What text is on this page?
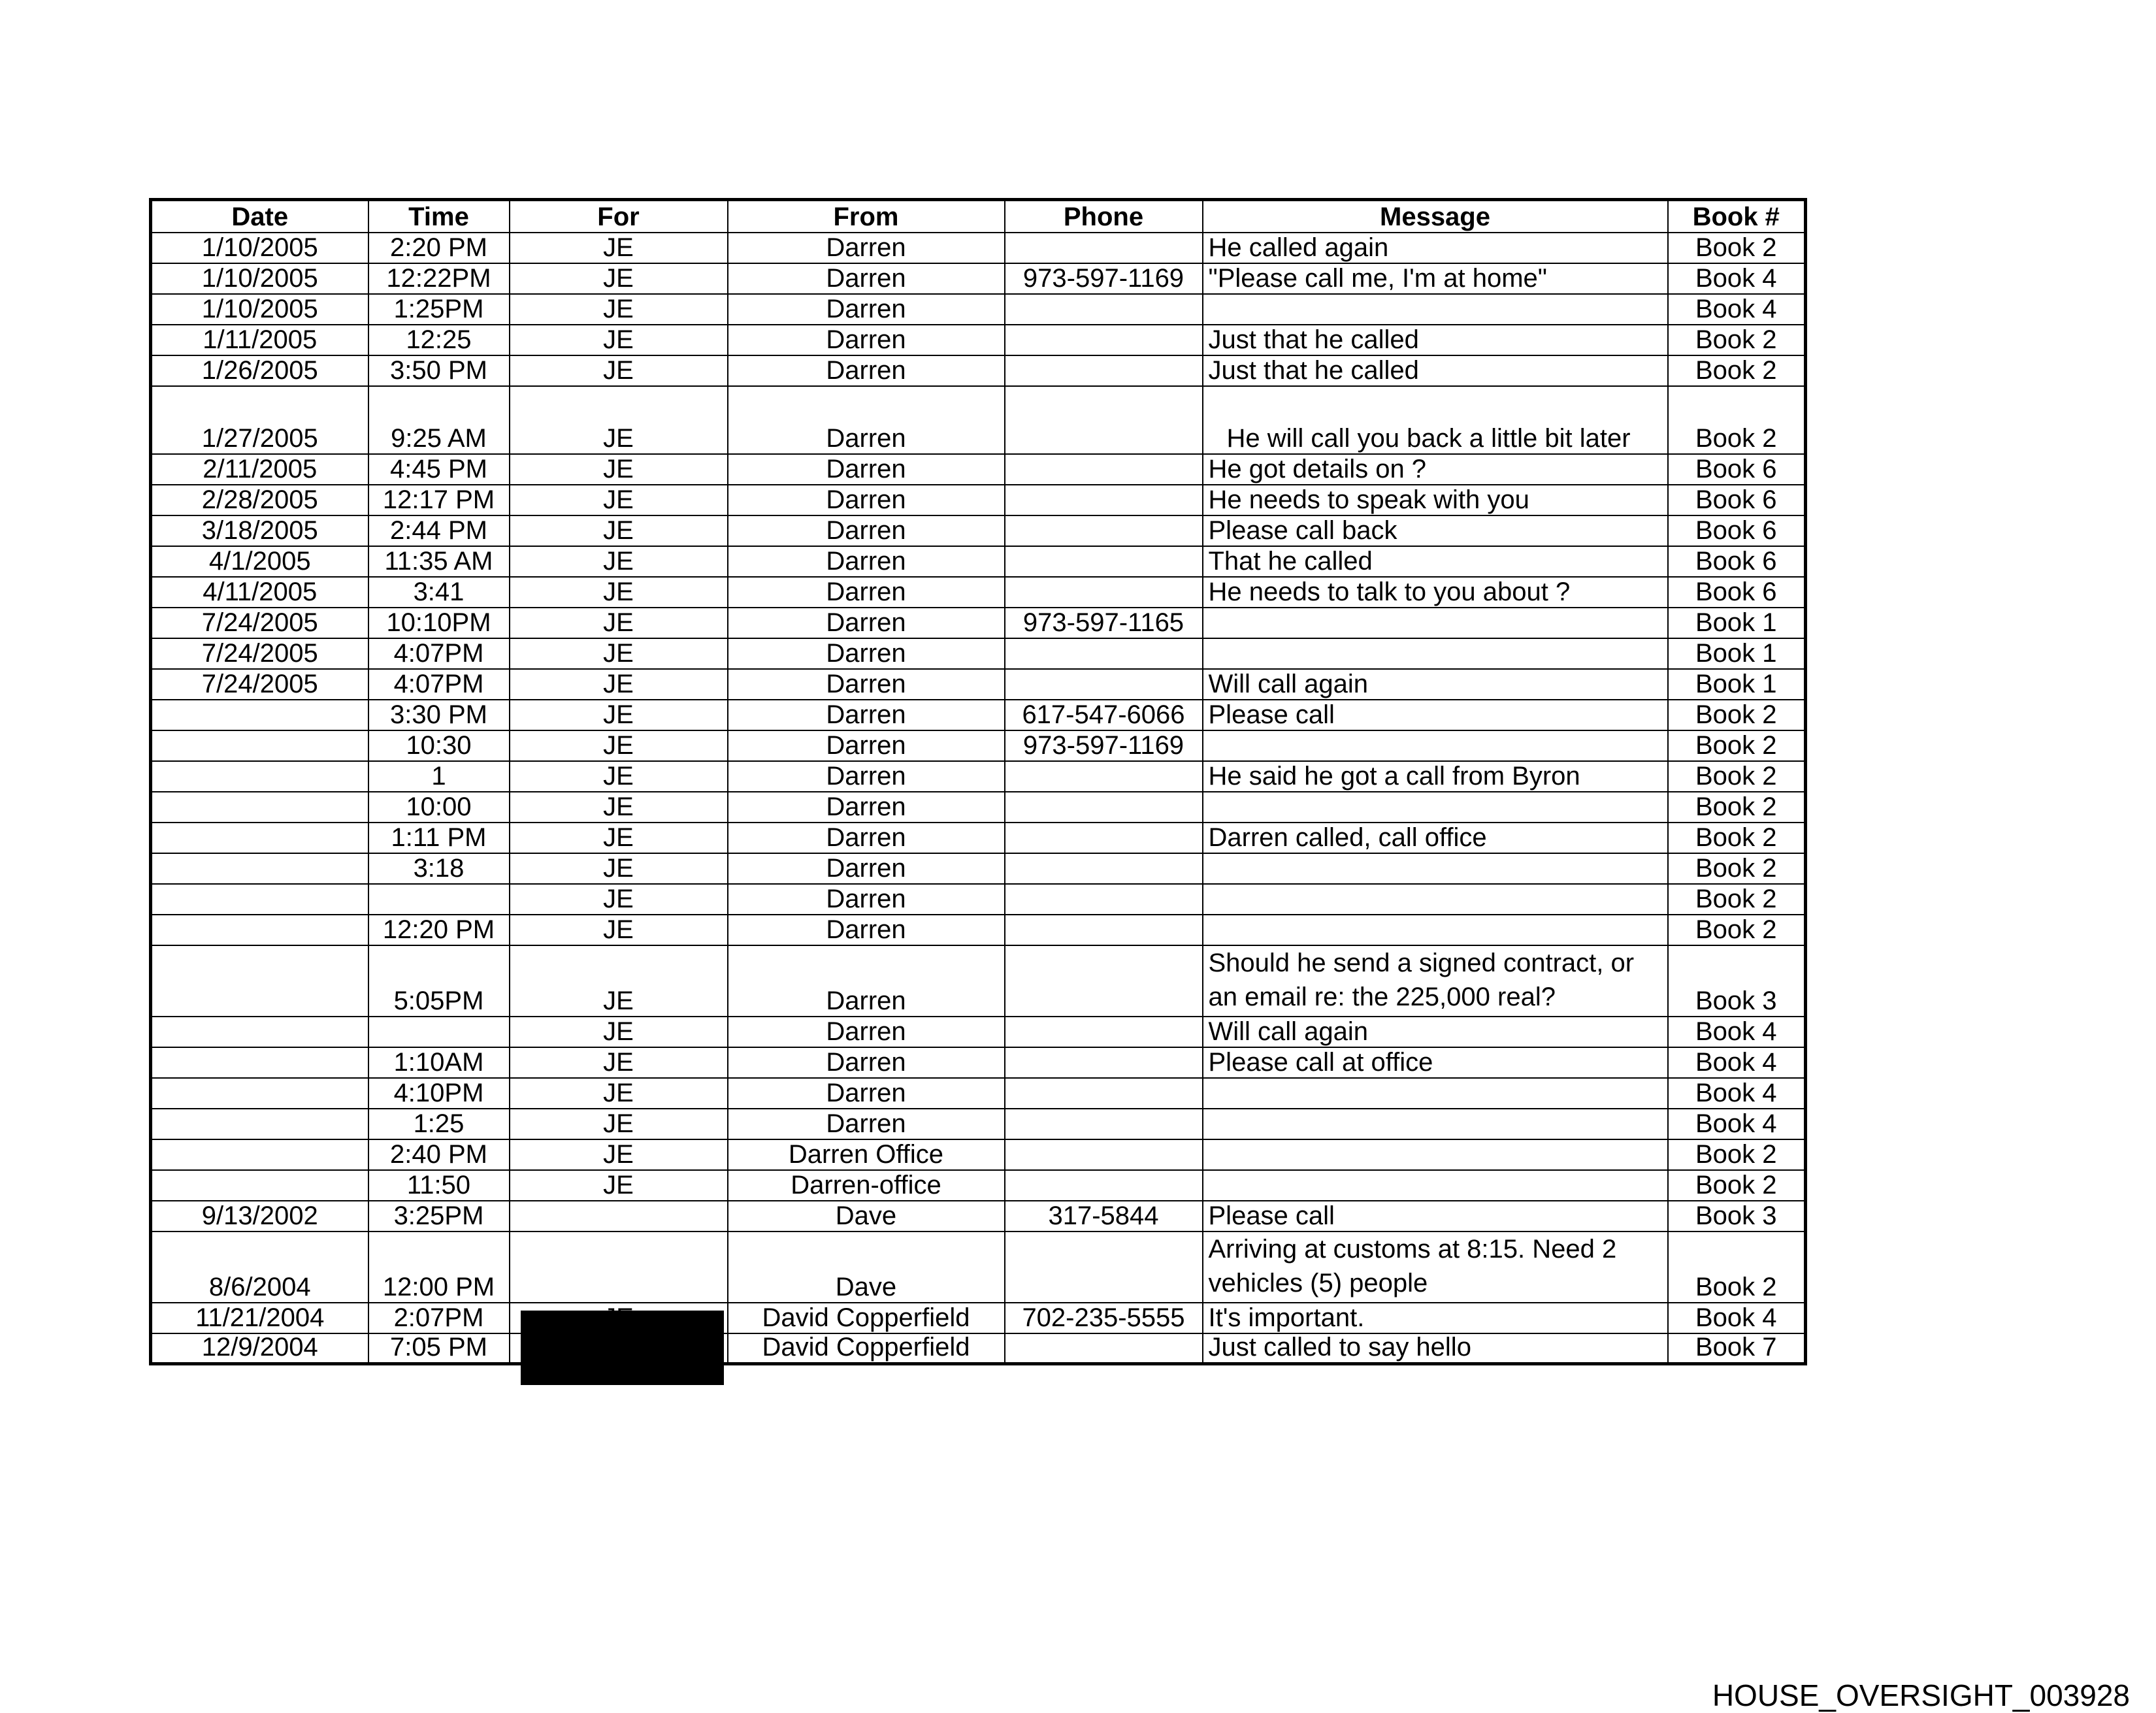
Date	Time	For	From	Phone	Message	Book #
1/10/2005	2:20 PM	JE	Darren		He called again	Book 2
1/10/2005	12:22PM	JE	Darren	973-597-1169	"Please call me, I'm at home"	Book 4
1/10/2005	1:25PM	JE	Darren			Book 4
1/11/2005	12:25	JE	Darren		Just that he called	Book 2
1/26/2005	3:50 PM	JE	Darren		Just that he called	Book 2
1/27/2005	9:25 AM	JE	Darren		He will call you back a little bit later	Book 2
2/11/2005	4:45 PM	JE	Darren		He got details on ?	Book 6
2/28/2005	12:17 PM	JE	Darren		He needs to speak with you	Book 6
3/18/2005	2:44 PM	JE	Darren		Please call back	Book 6
4/1/2005	11:35 AM	JE	Darren		That he called	Book 6
4/11/2005	3:41	JE	Darren		He needs to talk to you about ?	Book 6
7/24/2005	10:10PM	JE	Darren	973-597-1165		Book 1
7/24/2005	4:07PM	JE	Darren			Book 1
7/24/2005	4:07PM	JE	Darren		Will call again	Book 1
	3:30 PM	JE	Darren	617-547-6066	Please call	Book 2
	10:30	JE	Darren	973-597-1169		Book 2
	1	JE	Darren		He said he got a call from Byron	Book 2
	10:00	JE	Darren			Book 2
	1:11 PM	JE	Darren		Darren called, call office	Book 2
	3:18	JE	Darren			Book 2
		JE	Darren			Book 2
	12:20 PM	JE	Darren			Book 2
	5:05PM	JE	Darren		Should he send a signed contract, or an email re: the 225,000 real?	Book 3
		JE	Darren		Will call again	Book 4
	1:10AM	JE	Darren		Please call at office	Book 4
	4:10PM	JE	Darren			Book 4
	1:25	JE	Darren			Book 4
	2:40 PM	JE	Darren Office			Book 2
	11:50	JE	Darren-office			Book 2
9/13/2002	3:25PM		Dave	317-5844	Please call	Book 3
8/6/2004	12:00 PM		Dave		Arriving at customs at 8:15. Need 2 vehicles (5) people	Book 2
11/21/2004	2:07PM		David Copperfield	702-235-5555	It's important.	Book 4
12/9/2004	7:05 PM		David Copperfield		Just called to say hello	Book 7
HOUSE_OVERSIGHT_003928
